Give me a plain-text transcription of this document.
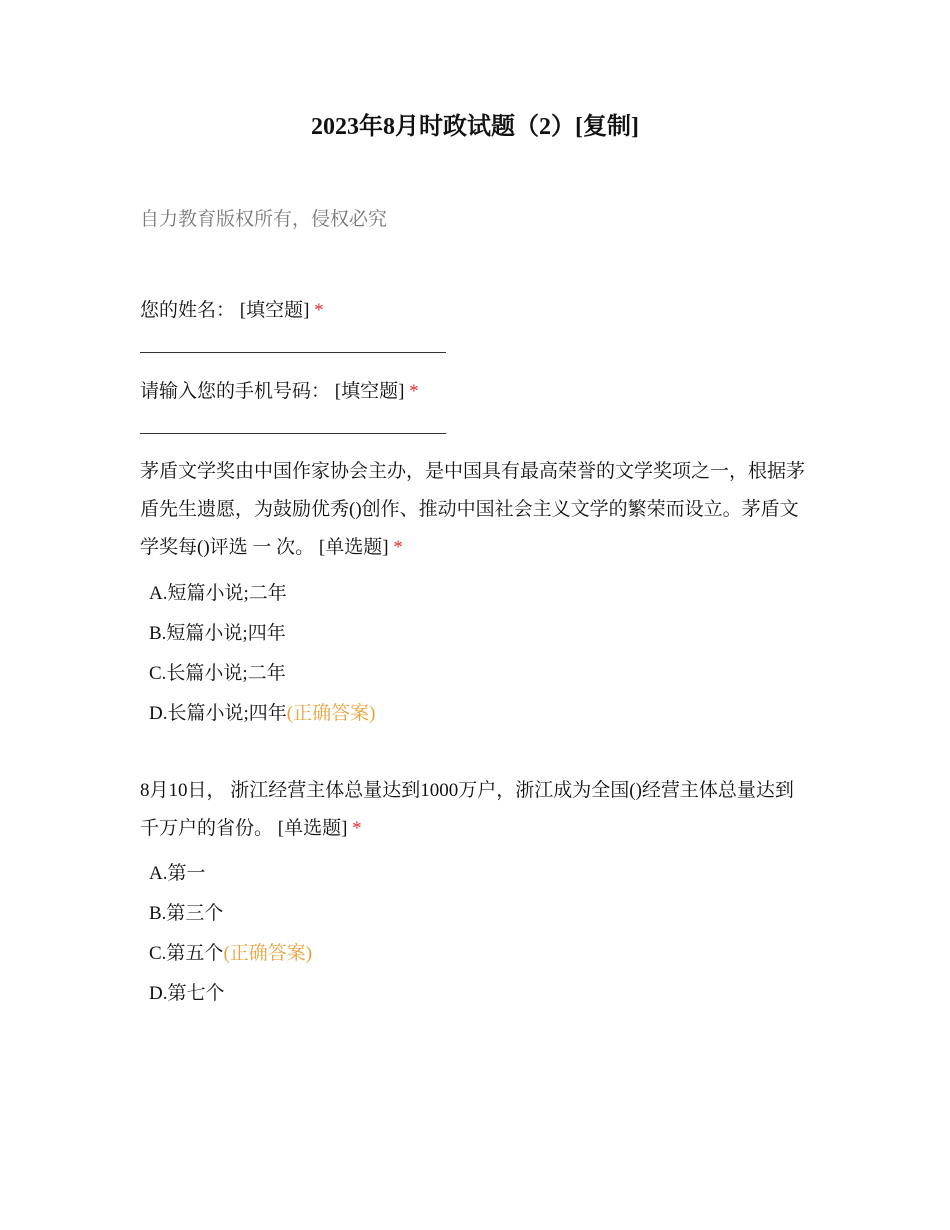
2023年8月时政试题（2）[复制]
自力教育版权所有，侵权必究
您的姓名： [填空题] *
请输入您的手机号码： [填空题] *
茅盾文学奖由中国作家协会主办，是中国具有最高荣誉的文学奖项之一，根据茅盾先生遗愿，为鼓励优秀()创作、推动中国社会主义文学的繁荣而设立。茅盾文学奖每()评选 一 次。 [单选题] *
A.短篇小说;二年
B.短篇小说;四年
C.长篇小说;二年
D.长篇小说;四年(正确答案)
8月10日， 浙江经营主体总量达到1000万户，浙江成为全国()经营主体总量达到千万户的省份。 [单选题] *
A.第一
B.第三个
C.第五个(正确答案)
D.第七个
